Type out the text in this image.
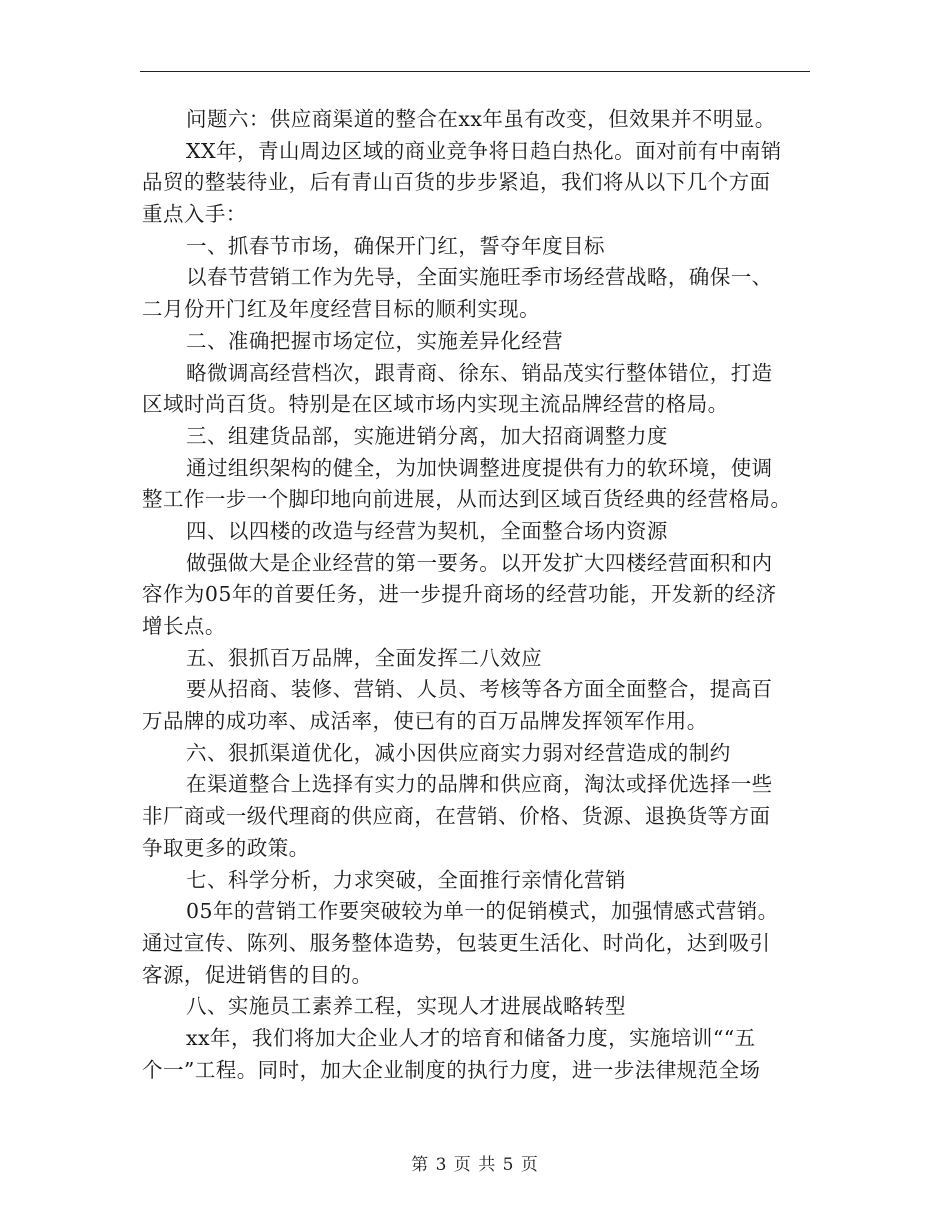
问题六：供应商渠道的整合在xx年虽有改变，但效果并不明显。
XX年，青山周边区域的商业竞争将日趋白热化。面对前有中南销
品贸的整装待业，后有青山百货的步步紧追，我们将从以下几个方面
重点入手：
一、抓春节市场，确保开门红，誓夺年度目标
以春节营销工作为先导，全面实施旺季市场经营战略，确保一、
二月份开门红及年度经营目标的顺利实现。
二、准确把握市场定位，实施差异化经营
略微调高经营档次，跟青商、徐东、销品茂实行整体错位，打造
区域时尚百货。特别是在区域市场内实现主流品牌经营的格局。
三、组建货品部，实施进销分离，加大招商调整力度
通过组织架构的健全，为加快调整进度提供有力的软环境，使调
整工作一步一个脚印地向前进展，从而达到区域百货经典的经营格局。
四、以四楼的改造与经营为契机，全面整合场内资源
做强做大是企业经营的第一要务。以开发扩大四楼经营面积和内
容作为05年的首要任务，进一步提升商场的经营功能，开发新的经济
增长点。
五、狠抓百万品牌，全面发挥二八效应
要从招商、装修、营销、人员、考核等各方面全面整合，提高百
万品牌的成功率、成活率，使已有的百万品牌发挥领军作用。
六、狠抓渠道优化，减小因供应商实力弱对经营造成的制约
在渠道整合上选择有实力的品牌和供应商，淘汰或择优选择一些
非厂商或一级代理商的供应商，在营销、价格、货源、退换货等方面
争取更多的政策。
七、科学分析，力求突破，全面推行亲情化营销
05年的营销工作要突破较为单一的促销模式，加强情感式营销。
通过宣传、陈列、服务整体造势，包装更生活化、时尚化，达到吸引
客源，促进销售的目的。
八、实施员工素养工程，实现人才进展战略转型
xx年，我们将加大企业人才的培育和储备力度，实施培训““五
个一”工程。同时，加大企业制度的执行力度，进一步法律规范全场
第 3 页 共 5 页
